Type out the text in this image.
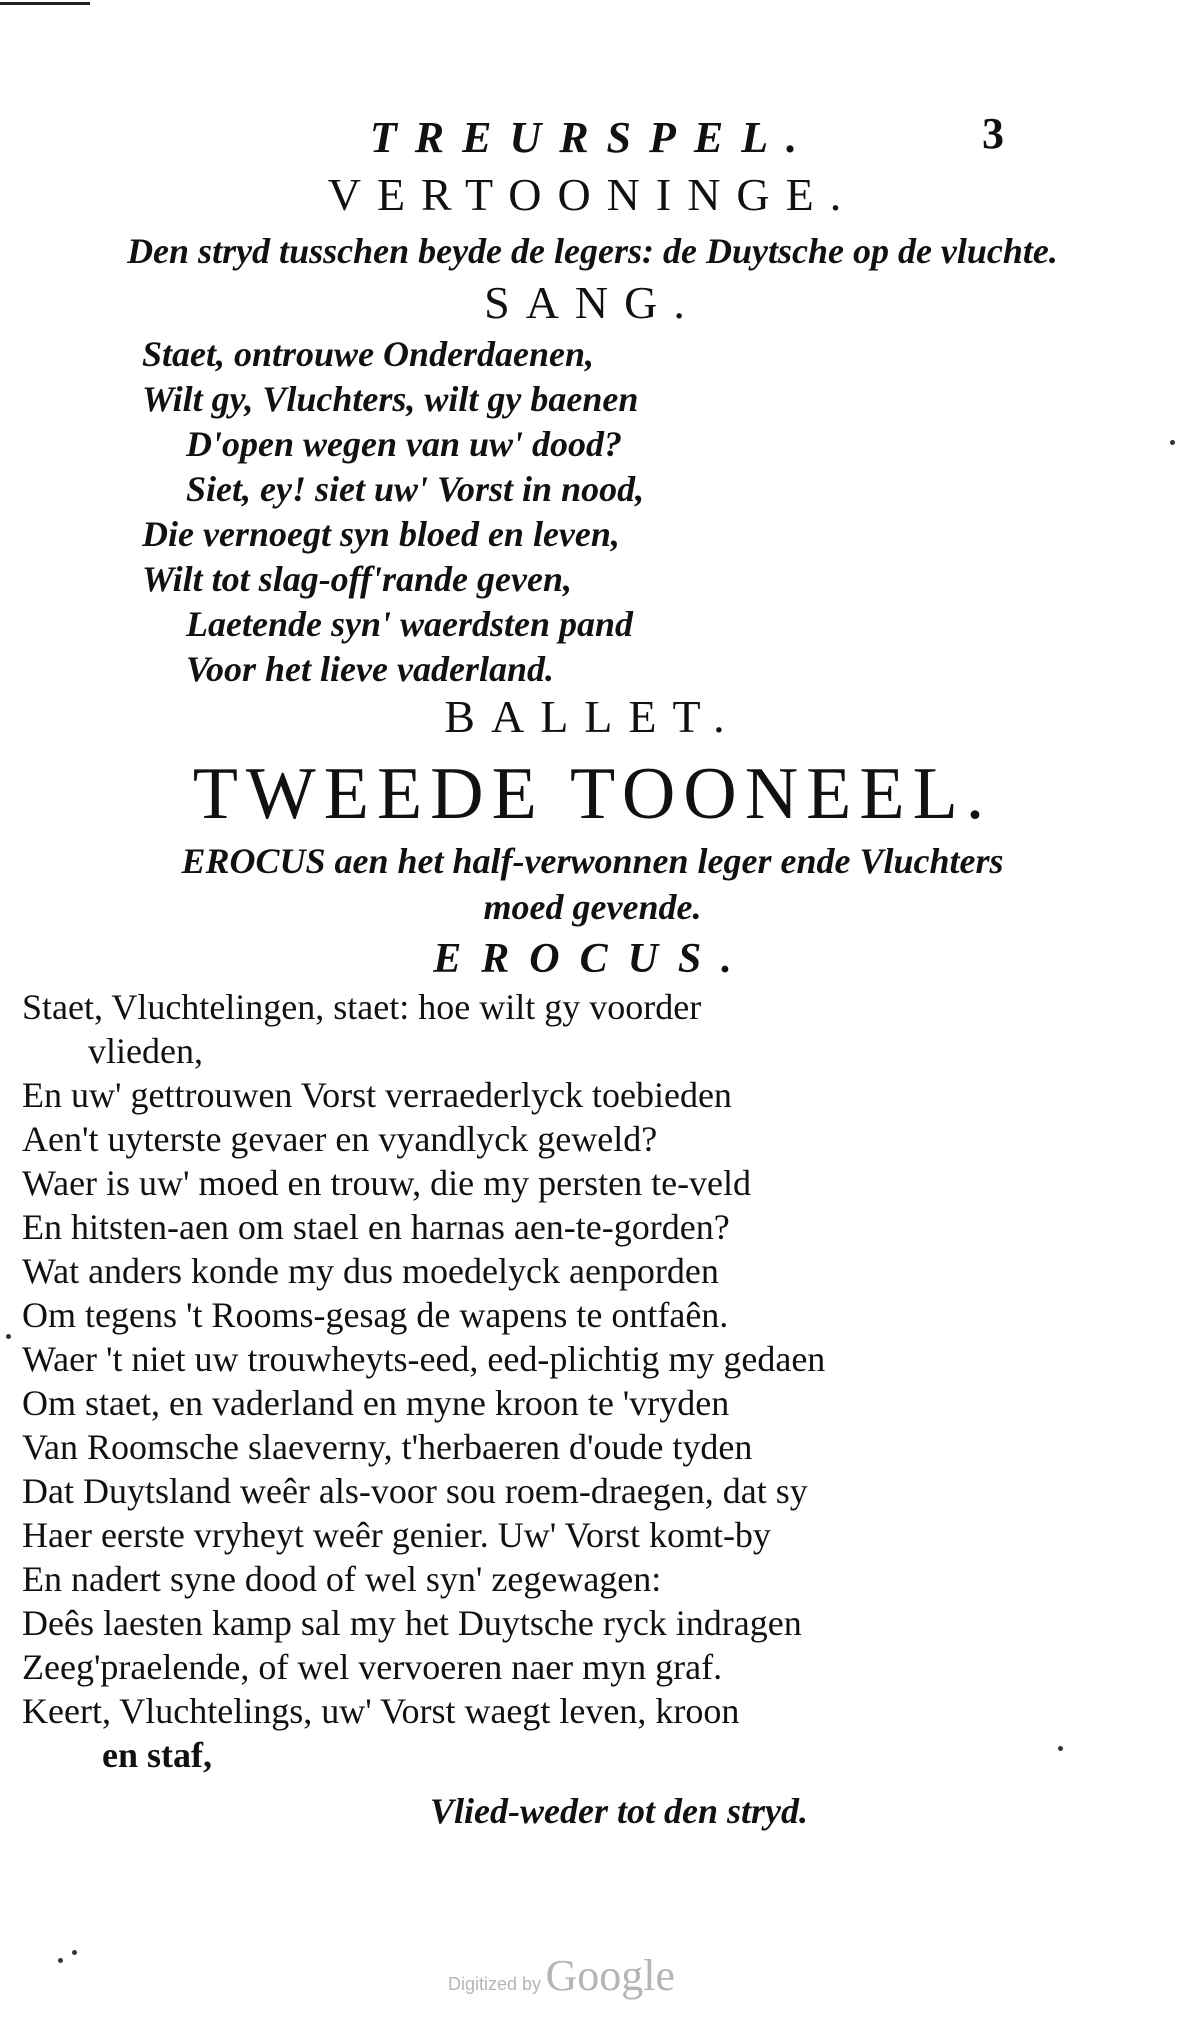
TREURSPEL.	3
VERTOONINGE.
Den stryd tusschen beyde de legers: de Duytsche op de vluchte.
SANG.
Staet, ontrouwe Onderdaenen,
Wilt gy, Vluchters, wilt gy baenen
D'open wegen van uw' dood?
Siet, ey! siet uw' Vorst in nood,
Die vernoegt syn bloed en leven,
Wilt tot slag-off'rande geven,
Laetende syn' waerdsten pand
Voor het lieve vaderland.
BALLET.
TWEEDE TOONEEL.
EROCUS aen het half-verwonnen leger ende Vluchters
moed gevende.
EROCUS.
Staet, Vluchtelingen, staet: hoe wilt gy voorder
vlieden,
En uw' gettrouwen Vorst verraederlyck toebieden
Aen't uyterste gevaer en vyandlyck geweld?
Waer is uw' moed en trouw, die my persten te-veld
En hitsten-aen om stael en harnas aen-te-gorden?
Wat anders konde my dus moedelyck aenporden
Om tegens 't Rooms-gesag de wapens te ontfaên.
Waer 't niet uw trouwheyts-eed, eed-plichtig my gedaen
Om staet, en vaderland en myne kroon te 'vryden
Van Roomsche slaeverny, t'herbaeren d'oude tyden
Dat Duytsland weêr als-voor sou roem-draegen, dat sy
Haer eerste vryheyt weêr genier. Uw' Vorst komt-by
En nadert syne dood of wel syn' zegewagen:
Deês laesten kamp sal my het Duytsche ryck indragen
Zeeg'praelende, of wel vervoeren naer myn graf.
Keert, Vluchtelings, uw' Vorst waegt leven, kroon
en staf,
Vlied-weder tot den stryd.
Digitized by Google
